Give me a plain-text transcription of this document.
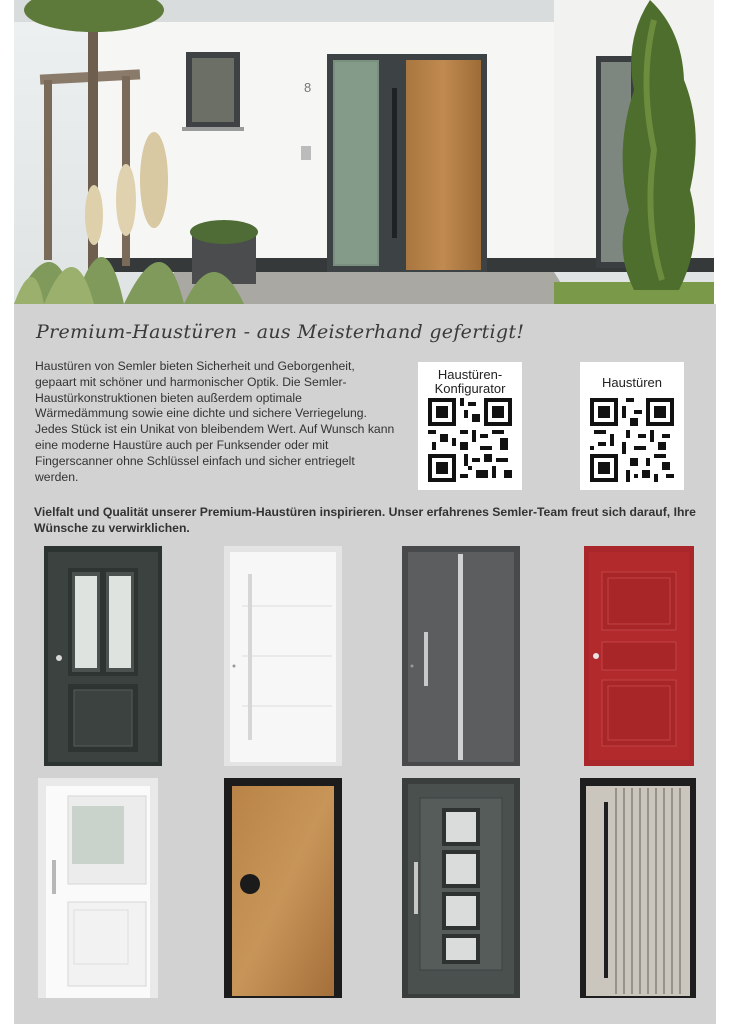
8
Premium-Haustüren - aus Meisterhand gefertigt!

Haustüren von Semler bieten Sicherheit und Geborgenheit, gepaart mit schöner und harmonischer Optik. Die Semler-Haustürkonstruktionen bieten außerdem optimale Wärmedämmung sowie eine dichte und sichere Verriegelung. Jedes Stück ist ein Unikat von bleibendem Wert. Auf Wunsch kann eine moderne Haustüre auch per Funksender oder mit Fingerscanner ohne Schlüssel einfach und sicher entriegelt werden.

Haustüren-Konfigurator	Haustüren

Vielfalt und Qualität unserer Premium-Haustüren inspirieren. Unser erfahrenes Semler-Team freut sich darauf, Ihre Wünsche zu verwirklichen.
